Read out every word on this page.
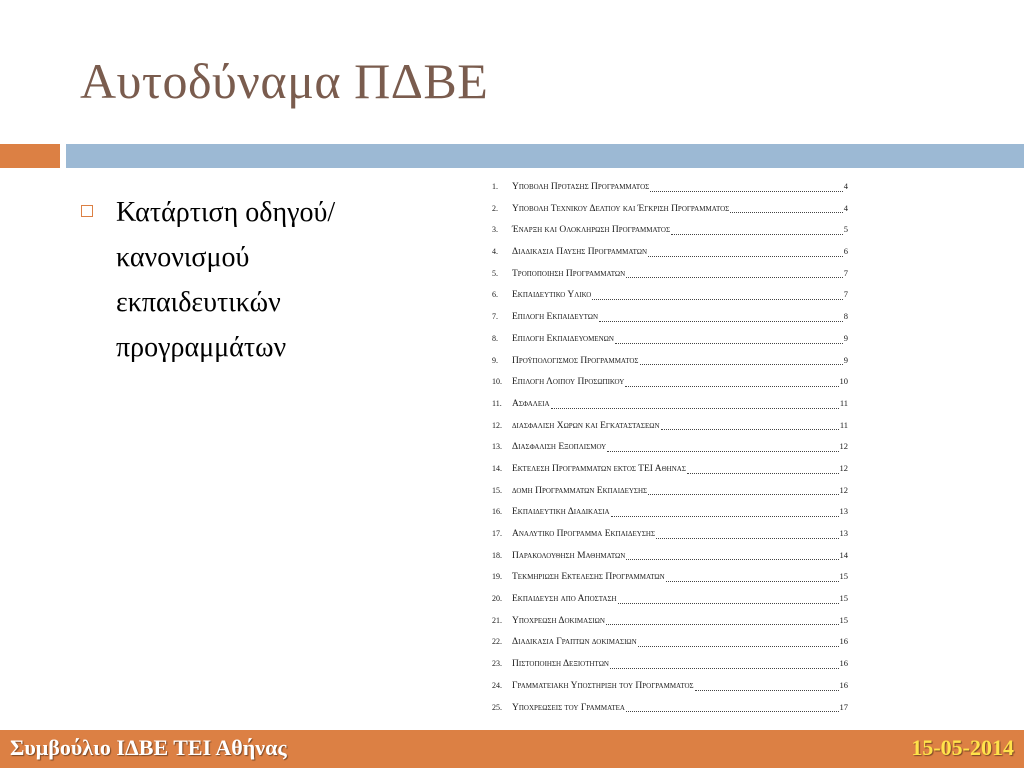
Αυτοδύναμα ΠΔΒΕ
Κατάρτιση οδηγού/κανονισμού εκπαιδευτικών προγραμμάτων
1.	Υποβολη Προτασης Προγραμματος	4
2.	Υποβολη Τεχνικου Δελτιου και Έγκριση Προγραμματος	4
3.	Έναρξη και Ολοκληρωση Προγραμματος	5
4.	Διαδικασια Παυσης Προγραμματων	6
5.	Τροποποιηση Προγραμματων	7
6.	Εκπαιδευτικο Υλικο	7
7.	Επιλογη Εκπαιδευτων	8
8.	Επιλογη Εκπαιδευομενων	9
9.	Προϋπολογισμος Προγραμματος	9
10.	Επιλογη Λοιπου Προσωπικου	10
11.	Ασφαλεια	11
12.	διασφαλιση Χωρων και Εγκαταστασεων	11
13.	Διασφαλιση Εξοπλισμου	12
14.	Εκτελεση Προγραμματων εκτος ΤΕΙ Αθηνας	12
15.	δομη Προγραμματων Εκπαιδευσης	12
16.	Εκπαιδευτικη Διαδικασια	13
17.	Αναλυτικο Προγραμμα Εκπαιδευσης	13
18.	Παρακολουθηση Μαθηματων	14
19.	Τεκμηριωση Εκτελεσης Προγραμματων	15
20.	Εκπαιδευση απο Αποσταση	15
21.	Υποχρεωση Δοκιμασιων	15
22.	Διαδικασια Γραπτων δοκιμασιων	16
23.	Πιστοποιηση Δεξιοτητων	16
24.	Γραμματειακη Υποστηριξη του Προγραμματος	16
25.	Υποχρεωσεις του Γραμματεα	17
Συμβούλιο ΙΔΒΕ ΤΕΙ Αθήνας	15-05-2014
